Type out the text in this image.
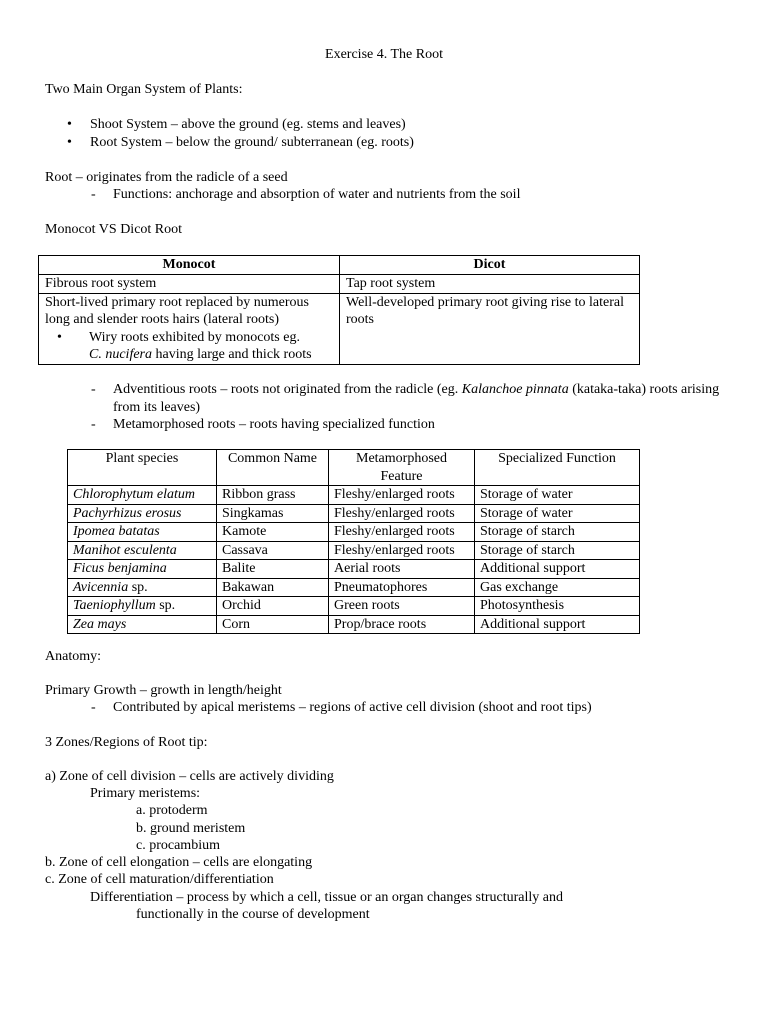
Exercise 4. The Root
Two Main Organ System of Plants:
• Shoot System – above the ground (eg. stems and leaves)
• Root System – below the ground/ subterranean (eg. roots)
Root – originates from the radicle of a seed
- Functions: anchorage and absorption of water and nutrients from the soil
Monocot VS Dicot Root
Monocot	Dicot
Fibrous root system	Tap root system

Short-lived primary root replaced by numerous long and slender roots hairs (lateral roots)
• Wiry roots exhibited by monocots eg.
C. nucifera having large and thick roots	Well-developed primary root giving rise to lateral roots
- Adventitious roots – roots not originated from the radicle (eg. Kalanchoe pinnata (kataka-taka) roots arising from its leaves)
- Metamorphosed roots – roots having specialized function
Plant species	Common Name	Metamorphosed Feature	Specialized Function
Chlorophytum elatum	Ribbon grass	Fleshy/enlarged roots	Storage of water
Pachyrhizus erosus	Singkamas	Fleshy/enlarged roots	Storage of water
Ipomea batatas	Kamote	Fleshy/enlarged roots	Storage of starch
Manihot esculenta	Cassava	Fleshy/enlarged roots	Storage of starch
Ficus benjamina	Balite	Aerial roots	Additional support
Avicennia sp.	Bakawan	Pneumatophores	Gas exchange
Taeniophyllum sp.	Orchid	Green roots	Photosynthesis
Zea mays	Corn	Prop/brace roots	Additional support
Anatomy:
Primary Growth – growth in length/height
- Contributed by apical meristems – regions of active cell division (shoot and root tips)
3 Zones/Regions of Root tip:
a) Zone of cell division – cells are actively dividing
Primary meristems:
a. protoderm
b. ground meristem
c. procambium
b. Zone of cell elongation – cells are elongating
c. Zone of cell maturation/differentiation
Differentiation – process by which a cell, tissue or an organ changes structurally and
functionally in the course of development
